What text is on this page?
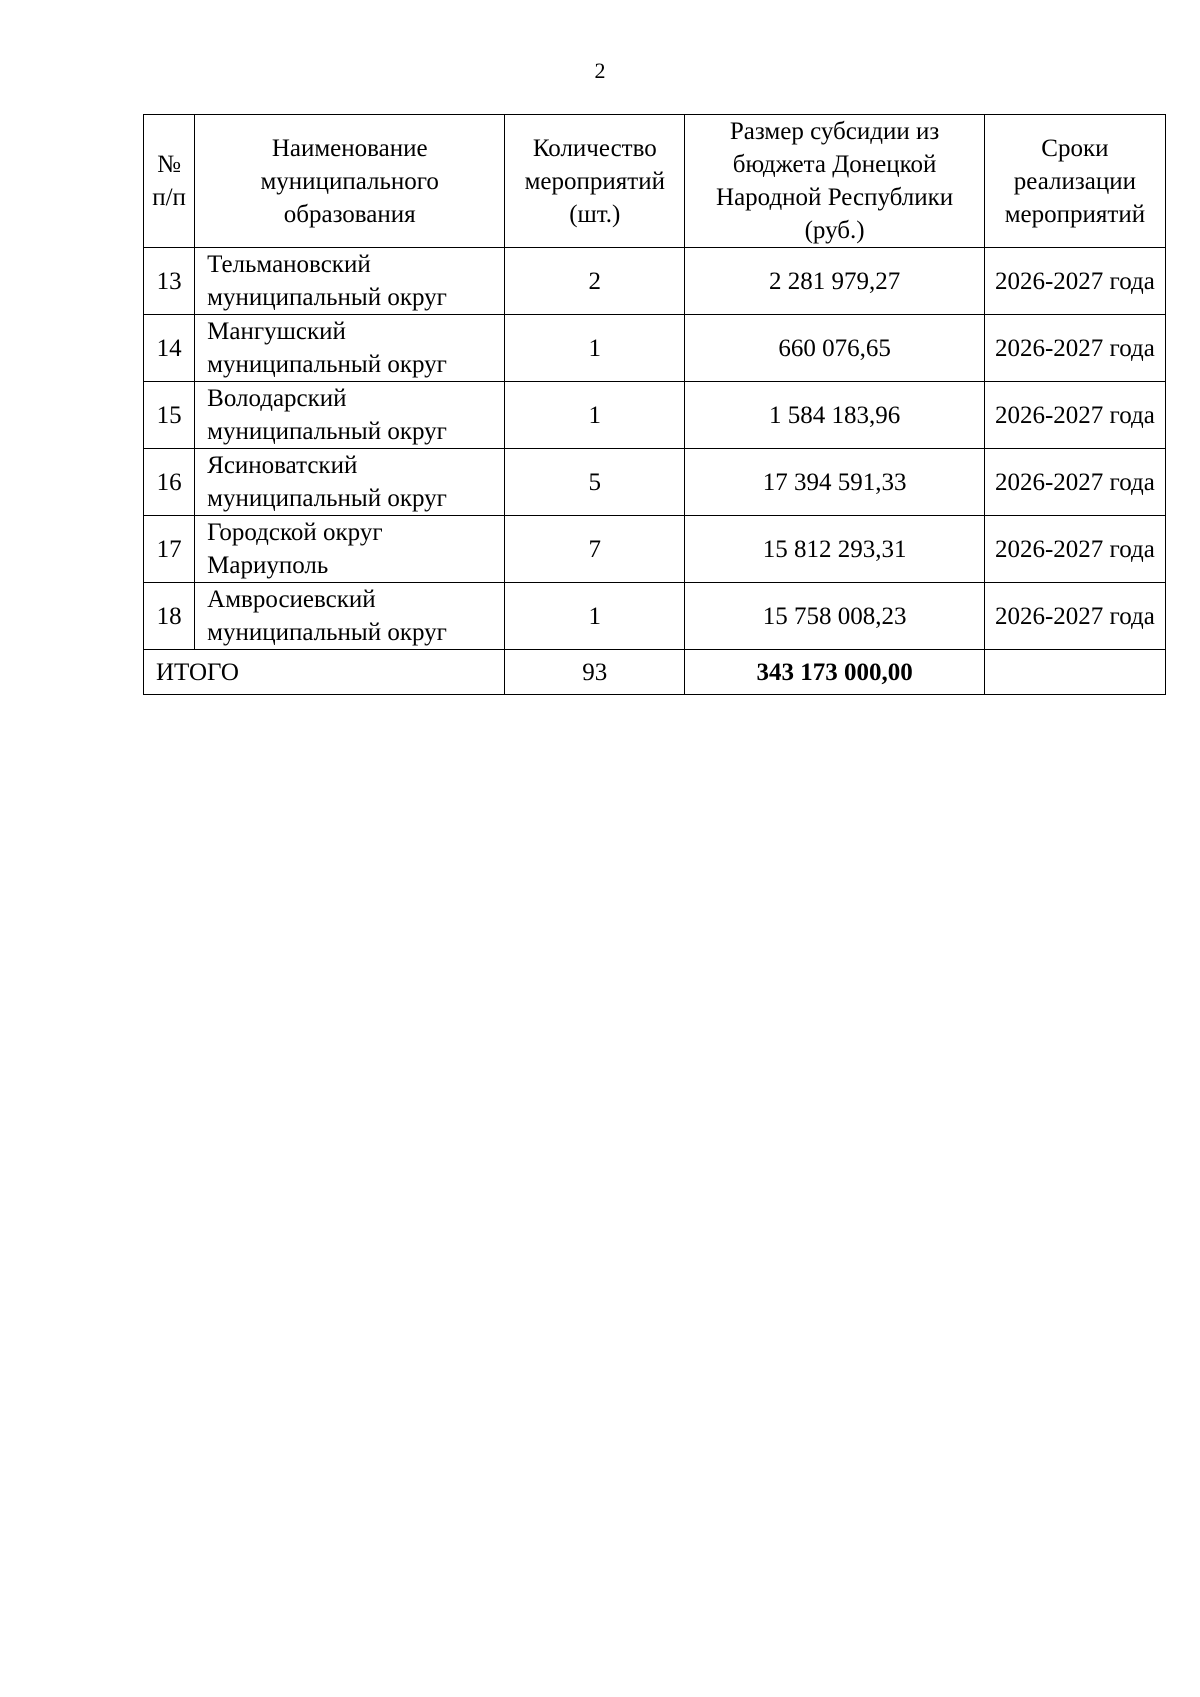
2
№ п/п	Наименование муниципального образования	Количество мероприятий (шт.)	Размер субсидии из бюджета Донецкой Народной Республики (руб.)	Сроки реализации мероприятий
13	Тельмановский муниципальный округ	2	2 281 979,27	2026-2027 года
14	Мангушский муниципальный округ	1	660 076,65	2026-2027 года
15	Володарский муниципальный округ	1	1 584 183,96	2026-2027 года
16	Ясиноватский муниципальный округ	5	17 394 591,33	2026-2027 года
17	Городской округ Мариуполь	7	15 812 293,31	2026-2027 года
18	Амвросиевский муниципальный округ	1	15 758 008,23	2026-2027 года
ИТОГО		93	343 173 000,00	
